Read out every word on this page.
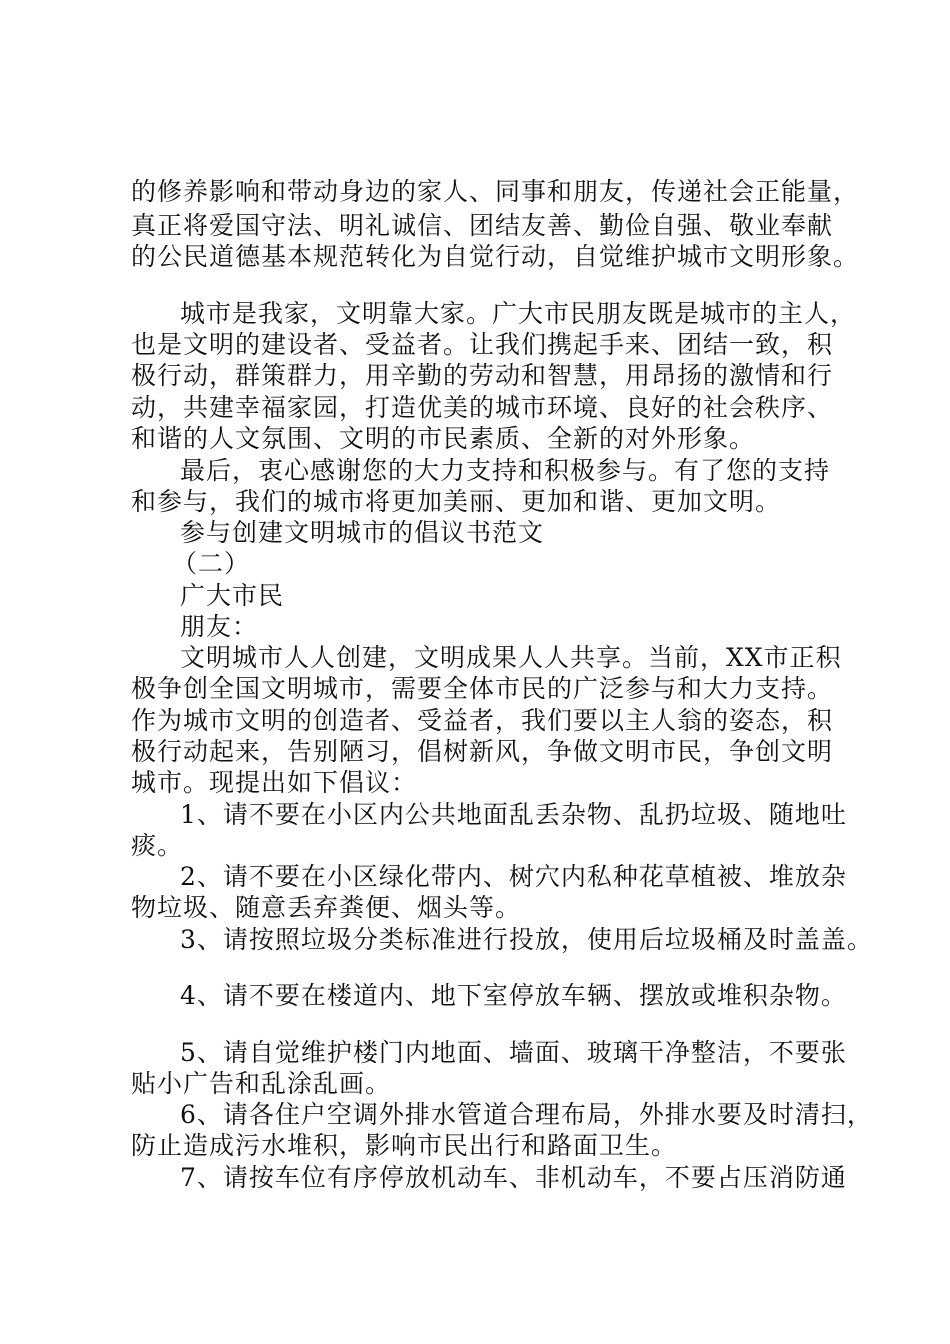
的修养影响和带动身边的家人、同事和朋友，传递社会正能量，
真正将爱国守法、明礼诚信、团结友善、勤俭自强、敬业奉献
的公民道德基本规范转化为自觉行动，自觉维护城市文明形象。
城市是我家，文明靠大家。广大市民朋友既是城市的主人，
也是文明的建设者、受益者。让我们携起手来、团结一致，积
极行动，群策群力，用辛勤的劳动和智慧，用昂扬的激情和行
动，共建幸福家园，打造优美的城市环境、良好的社会秩序、
和谐的人文氛围、文明的市民素质、全新的对外形象。
最后，衷心感谢您的大力支持和积极参与。有了您的支持
和参与，我们的城市将更加美丽、更加和谐、更加文明。
参与创建文明城市的倡议书范文
（二）
广大市民
朋友：
文明城市人人创建，文明成果人人共享。当前，XX市正积
极争创全国文明城市，需要全体市民的广泛参与和大力支持。
作为城市文明的创造者、受益者，我们要以主人翁的姿态，积
极行动起来，告别陋习，倡树新风，争做文明市民，争创文明
城市。现提出如下倡议：
1、请不要在小区内公共地面乱丢杂物、乱扔垃圾、随地吐
痰。
2、请不要在小区绿化带内、树穴内私种花草植被、堆放杂
物垃圾、随意丢弃粪便、烟头等。
3、请按照垃圾分类标准进行投放，使用后垃圾桶及时盖盖。
4、请不要在楼道内、地下室停放车辆、摆放或堆积杂物。
5、请自觉维护楼门内地面、墙面、玻璃干净整洁，不要张
贴小广告和乱涂乱画。
6、请各住户空调外排水管道合理布局，外排水要及时清扫，
防止造成污水堆积，影响市民出行和路面卫生。
7、请按车位有序停放机动车、非机动车，不要占压消防通
